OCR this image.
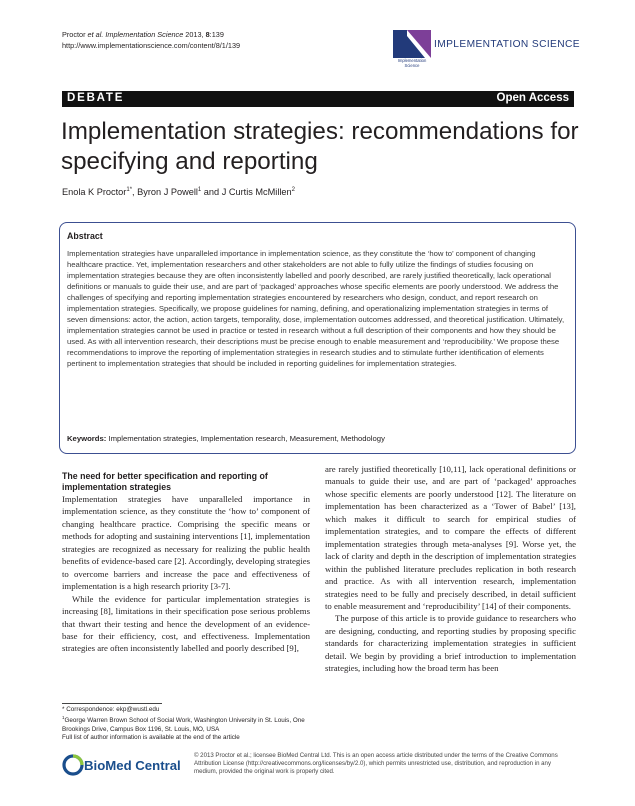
Proctor et al. Implementation Science 2013, 8:139
http://www.implementationscience.com/content/8/1/139	IMPLEMENTATION SCIENCE
Implementation
Science
DEBATE	Open Access
Implementation strategies: recommendations for specifying and reporting
Enola K Proctor$^{1*}$, Byron J Powell$^1$ and J Curtis McMillen$^2$
Abstract
Implementation strategies have unparalleled importance in implementation science, as they constitute the ‘how to’ component of changing healthcare practice. Yet, implementation researchers and other stakeholders are not able to fully utilize the findings of studies focusing on implementation strategies because they are often inconsistently labelled and poorly described, are rarely justified theoretically, lack operational definitions or manuals to guide their use, and are part of ‘packaged’ approaches whose specific elements are poorly understood. We address the challenges of specifying and reporting implementation strategies encountered by researchers who design, conduct, and report research on implementation strategies. Specifically, we propose guidelines for naming, defining, and operationalizing implementation strategies in terms of seven dimensions: actor, the action, action targets, temporality, dose, implementation outcomes addressed, and theoretical justification. Ultimately, implementation strategies cannot be used in practice or tested in research without a full description of their components and how they should be used. As with all intervention research, their descriptions must be precise enough to enable measurement and ‘reproducibility.’ We propose these recommendations to improve the reporting of implementation strategies in research studies and to stimulate further identification of elements pertinent to implementation strategies that should be included in reporting guidelines for implementation strategies.
Keywords: Implementation strategies, Implementation research, Measurement, Methodology
The need for better specification and reporting of implementation strategies

Implementation strategies have unparalleled importance in implementation science, as they constitute the ‘how to’ component of changing healthcare practice. Comprising the specific means or methods for adopting and sustaining interventions [1], implementation strategies are recognized as necessary for realizing the public health benefits of evidence-based care [2]. Accordingly, developing strategies to overcome barriers and increase the pace and effectiveness of implementation is a high research priority [3-7].

While the evidence for particular implementation strategies is increasing [8], limitations in their specification pose serious problems that thwart their testing and hence the development of an evidence-base for their efficiency, cost, and effectiveness. Implementation strategies are often inconsistently labelled and poorly described [9],

are rarely justified theoretically [10,11], lack operational definitions or manuals to guide their use, and are part of ‘packaged’ approaches whose specific elements are poorly understood [12]. The literature on implementation has been characterized as a ‘Tower of Babel’ [13], which makes it difficult to search for empirical studies of implementation strategies, and to compare the effects of different implementation strategies through meta-analyses [9]. Worse yet, the lack of clarity and depth in the description of implementation strategies within the published literature precludes replication in both research and practice. As with all intervention research, implementation strategies need to be fully and precisely described, in detail sufficient to enable measurement and ‘reproducibility’ [14] of their components.

The purpose of this article is to provide guidance to researchers who are designing, conducting, and reporting studies by proposing specific standards for characterizing implementation strategies in sufficient detail. We begin by providing a brief introduction to implementation strategies, including how the broad term has been

* Correspondence: ekp@wustl.edu
$^1$George Warren Brown School of Social Work, Washington University in St. Louis, One Brookings Drive, Campus Box 1196, St. Louis, MO, USA
Full list of author information is available at the end of the article
BioMed Central
© 2013 Proctor et al.; licensee BioMed Central Ltd. This is an open access article distributed under the terms of the Creative Commons Attribution License (http://creativecommons.org/licenses/by/2.0), which permits unrestricted use, distribution, and reproduction in any medium, provided the original work is properly cited.
